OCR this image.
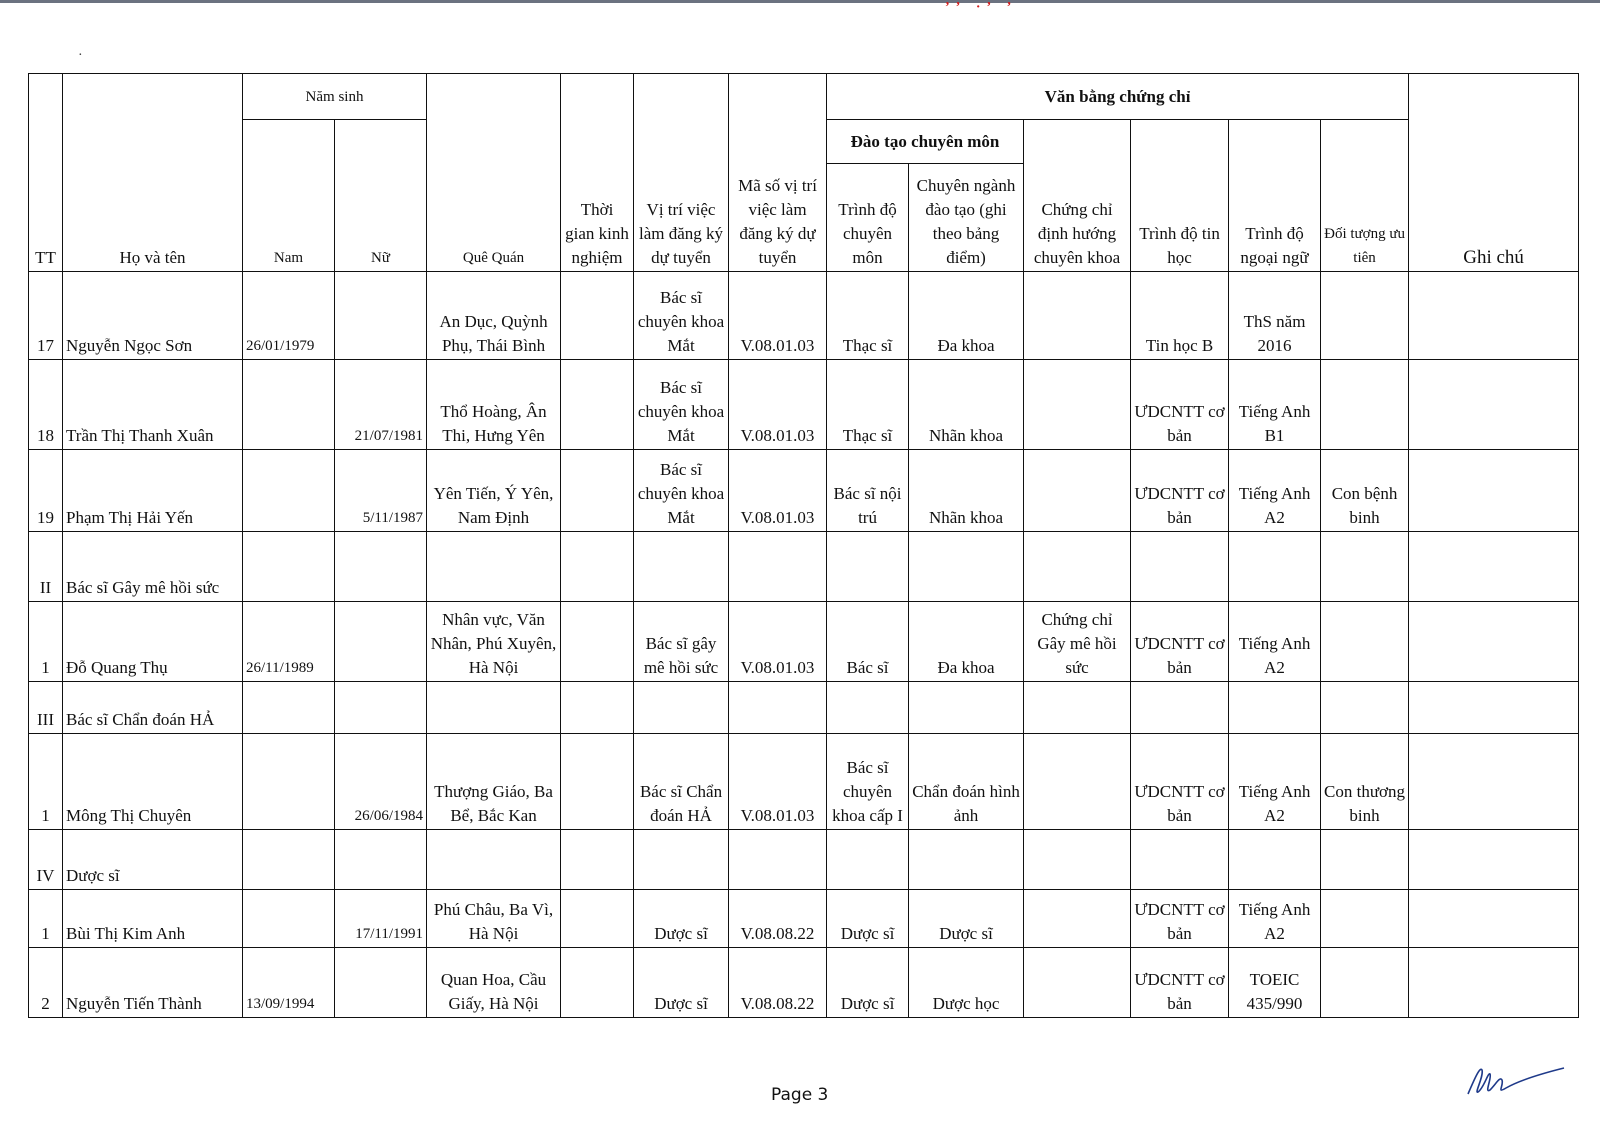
ʼʼ ·ʼ ʼ
·
TT	Họ và tên	Năm sinh		Quê Quán	Thời gian kinh nghiệm	Vị trí việc làm đăng ký dự tuyển	Mã số vị trí việc làm đăng ký dự tuyển	Văn bằng chứng chỉ						Ghi chú
		Nam	Nữ					Đào tạo chuyên môn		Chứng chỉ định hướng chuyên khoa	Trình độ tin học	Trình độ ngoại ngữ	Đối tượng ưu tiên	
								Trình độ chuyên môn	Chuyên ngành đào tạo (ghi theo bảng điểm)					
17	Nguyễn Ngọc Sơn	26/01/1979		An Dục, Quỳnh Phụ, Thái Bình		Bác sĩ chuyên khoa Mắt	V.08.01.03	Thạc sĩ	Đa khoa		Tin học B	ThS năm 2016		
18	Trần Thị Thanh Xuân		21/07/1981	Thổ Hoàng, Ân Thi, Hưng Yên		Bác sĩ chuyên khoa Mắt	V.08.01.03	Thạc sĩ	Nhãn khoa		ƯDCNTT cơ bản	Tiếng Anh B1		
19	Phạm Thị Hải Yến		5/11/1987	Yên Tiến, Ý Yên, Nam Định		Bác sĩ chuyên khoa Mắt	V.08.01.03	Bác sĩ nội trú	Nhãn khoa		ƯDCNTT cơ bản	Tiếng Anh A2	Con bệnh binh	
II	Bác sĩ Gây mê hồi sức													
1	Đỗ Quang Thụ	26/11/1989		Nhân vực, Văn Nhân, Phú Xuyên, Hà Nội		Bác sĩ gây mê hồi sức	V.08.01.03	Bác sĩ	Đa khoa	Chứng chỉ Gây mê hồi sức	ƯDCNTT cơ bản	Tiếng Anh A2		
III	Bác sĩ Chẩn đoán HẢ													
1	Mông Thị Chuyên		26/06/1984	Thượng Giáo, Ba Bể, Bắc Kan		Bác sĩ Chẩn đoán HẢ	V.08.01.03	Bác sĩ chuyên khoa cấp I	Chẩn đoán hình ảnh		ƯDCNTT cơ bản	Tiếng Anh A2	Con thương binh	
IV	Dược sĩ													
1	Bùi Thị Kim Anh		17/11/1991	Phú Châu, Ba Vì, Hà Nội		Dược sĩ	V.08.08.22	Dược sĩ	Dược sĩ		ƯDCNTT cơ bản	Tiếng Anh A2		
2	Nguyễn Tiến Thành	13/09/1994		Quan Hoa, Cầu Giấy, Hà Nội		Dược sĩ	V.08.08.22	Dược sĩ	Dược học		ƯDCNTT cơ bản	TOEIC 435/990		
Page 3
